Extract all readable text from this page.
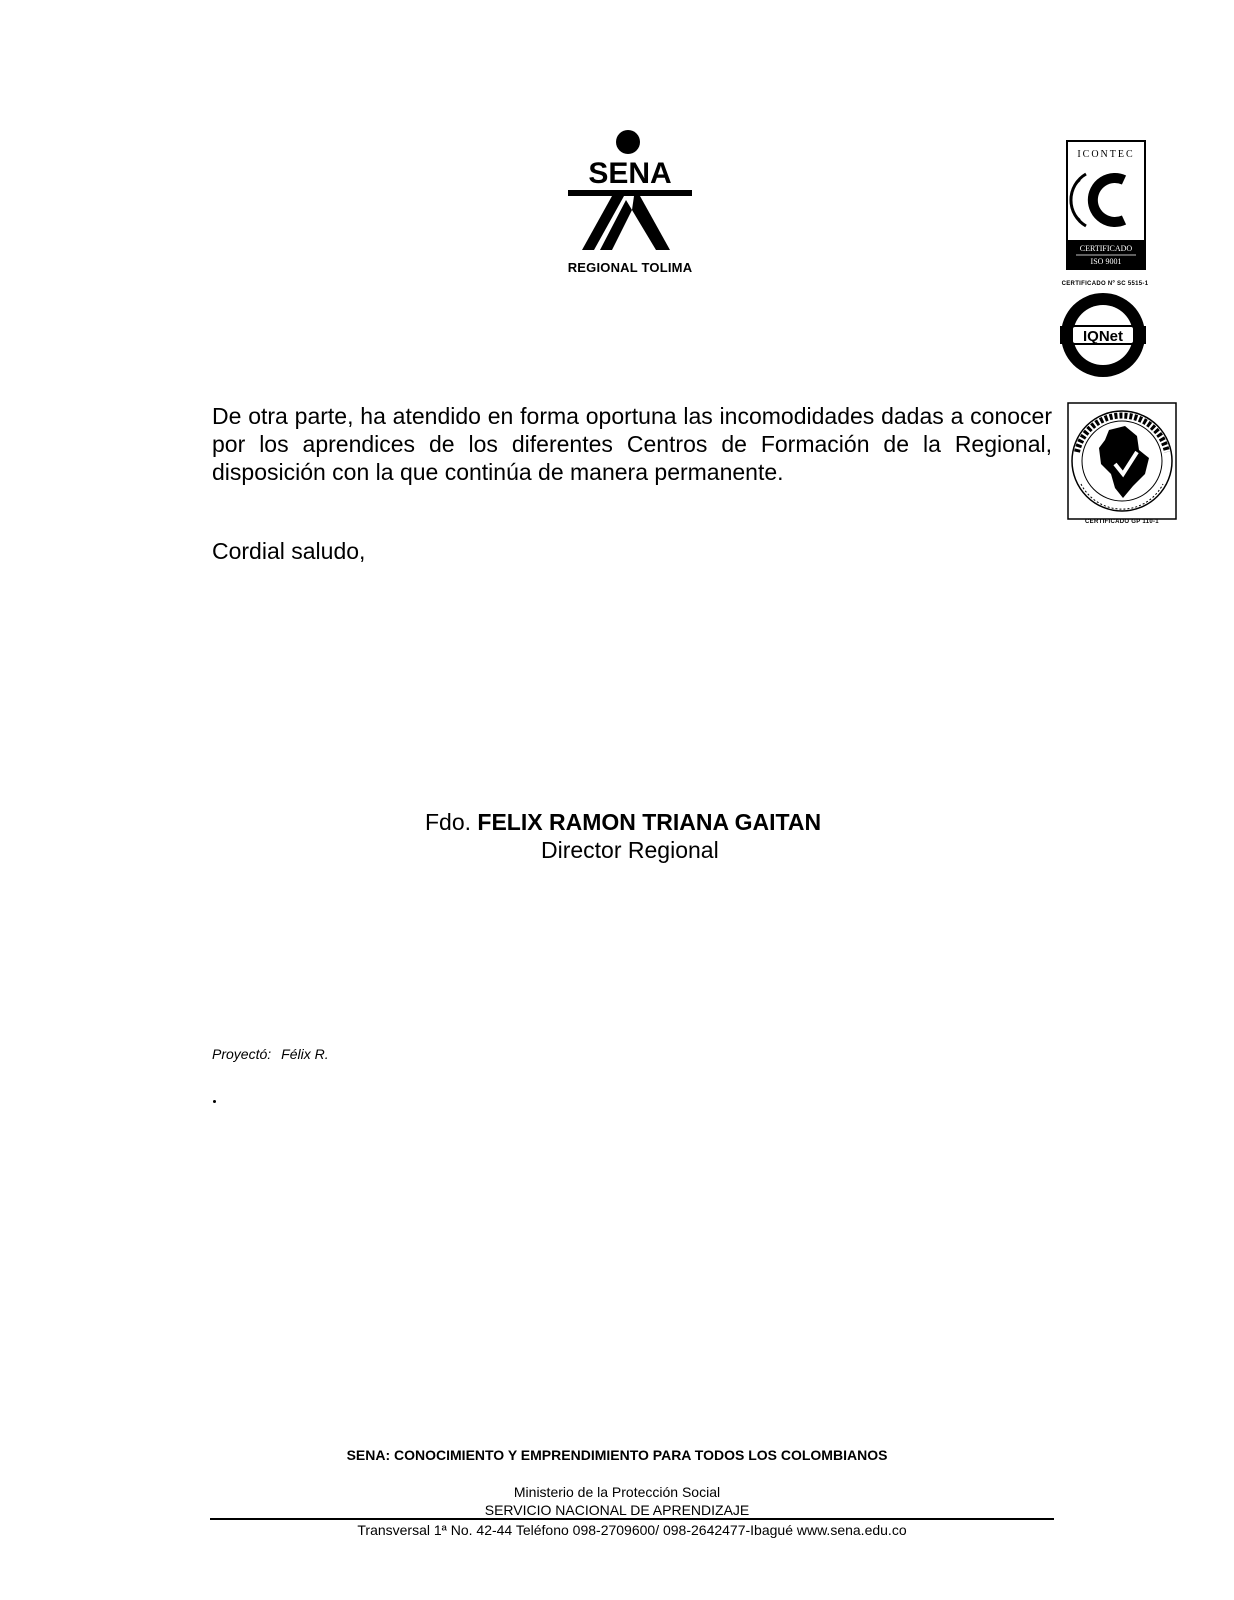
SENA
REGIONAL TOLIMA
ICONTEC
CERTIFICADO
ISO 9001
CERTIFICADO Nº SC 5515-1
IQNet
CERTIFICADO GP 110-1

De otra parte, ha atendido en forma oportuna las incomodidades dadas a conocer por los aprendices de los diferentes Centros de Formación de la Regional, disposición con la que continúa de manera permanente.

Cordial saludo,
Fdo. FELIX RAMON TRIANA GAITAN
Director Regional
Proyectó: Félix R.
SENA: CONOCIMIENTO Y EMPRENDIMIENTO PARA TODOS LOS COLOMBIANOS
Ministerio de la Protección Social
SERVICIO NACIONAL DE APRENDIZAJE
Transversal 1ª No. 42-44 Teléfono 098-2709600/ 098-2642477-Ibagué www.sena.edu.co
